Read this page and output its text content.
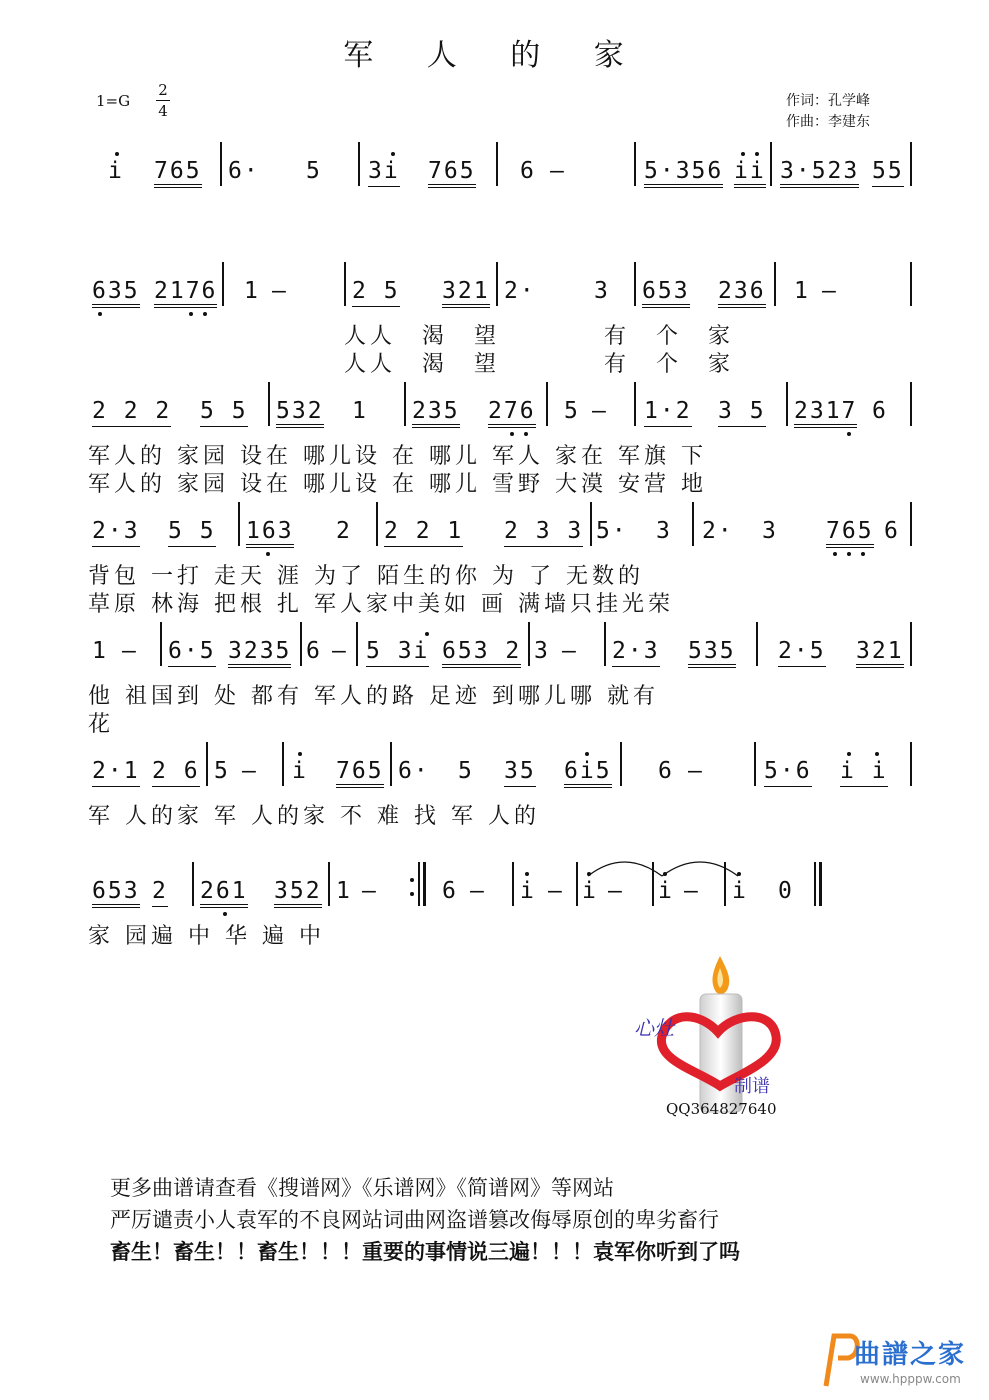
军 人 的 家
$1=G \frac{2}{4}$	作词：孔学峰
作曲：李建东
i 765 6· 5 3i 765 6 –	5·356 ii 3·523 55
635 2176 1 –	2 5 321 2·	3 653 236 1 –
人人　渴　望　　　　有　个　家
人人　渴　望　　　　有　个　家
2 2 2 5 5 532 1 235 276 5 – 1·2 3 5 2317 6
军人的 家园 设在 哪儿设 在 哪儿 军人 家在 军旗 下
军人的 家园 设在 哪儿设 在 哪儿 雪野 大漠 安营 地
2·3 5 5 163 2 2 2 1 2 3 3 5· 3 2· 3 765 6
背包 一打 走天 涯 为了 陌生的你 为 了 无数的
草原 林海 把根 扎 军人家中美如 画 满墙只挂光荣
1 – 6·5 3235 6 – 5 3i 653 2 3 – 2·3 535 2·5 321
他 祖国到 处 都有 军人的路 足迹 到哪儿哪 就有
花
2·1 2 6 5 – i 765 6· 5 35 6i5 6 –	5·6 i i
军 人的家 军 人的家 不 难 找 军 人的
653 2 261 352 1 –	6 – i – i – i – i 0
家 园遍 中 华 遍 中
心灶
制谱
QQ364827640
更多曲谱请查看《搜谱网》《乐谱网》《简谱网》等网站
严厉谴责小人袁军的不良网站词曲网盗谱篡改侮辱原创的卑劣畜行
畜生！畜生！！畜生！！！重要的事情说三遍！！！袁军你听到了吗
曲譜之家
www.hpppw.com
